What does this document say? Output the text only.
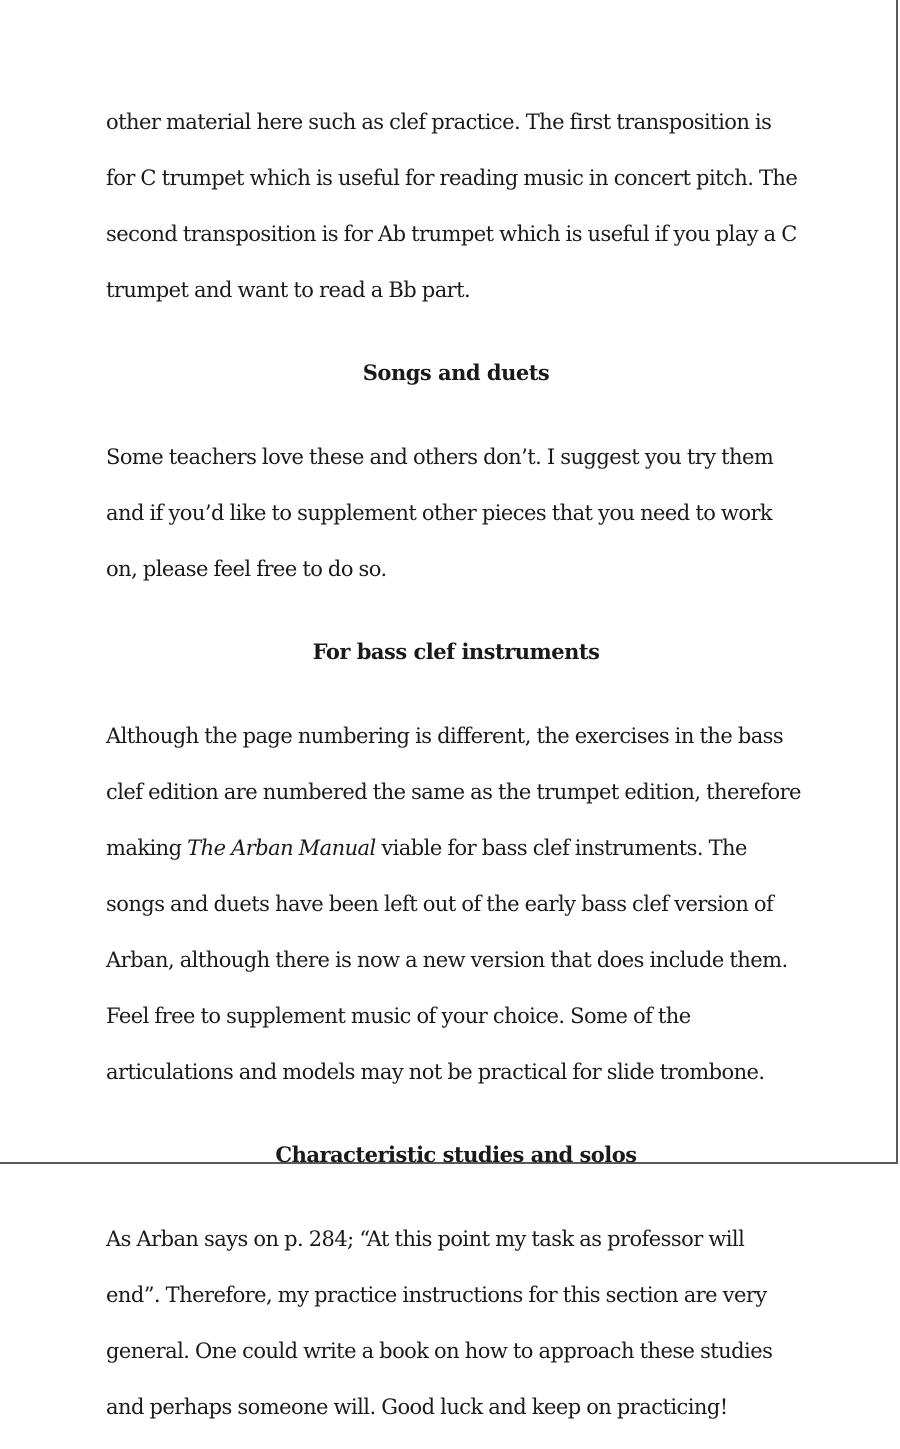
other material here such as clef practice. The first transposition is

for C trumpet which is useful for reading music in concert pitch. The

second transposition is for Ab trumpet which is useful if you play a C

trumpet and want to read a Bb part.

Songs and duets

Some teachers love these and others don’t. I suggest you try them

and if you’d like to supplement other pieces that you need to work

on, please feel free to do so.

For bass clef instruments

Although the page numbering is different, the exercises in the bass

clef edition are numbered the same as the trumpet edition, therefore

making The Arban Manual viable for bass clef instruments. The

songs and duets have been left out of the early bass clef version of

Arban, although there is now a new version that does include them.

Feel free to supplement music of your choice. Some of the

articulations and models may not be practical for slide trombone.

Characteristic studies and solos

As Arban says on p. 284; “At this point my task as professor will

end”. Therefore, my practice instructions for this section are very

general. One could write a book on how to approach these studies

and perhaps someone will. Good luck and keep on practicing!
